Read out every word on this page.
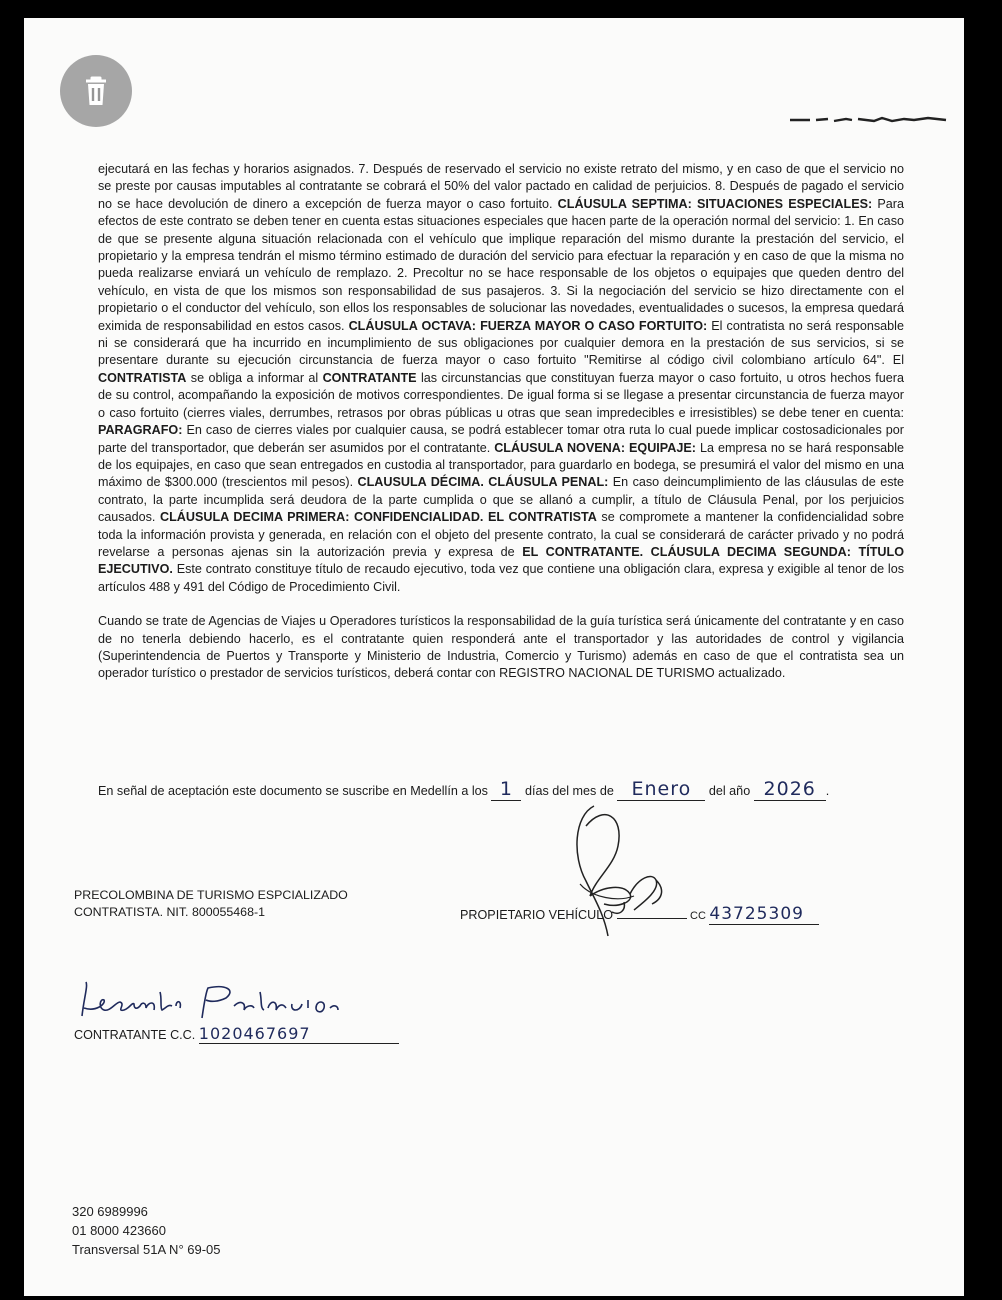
ejecutará en las fechas y horarios asignados. 7. Después de reservado el servicio no existe retrato del mismo, y en caso de que el servicio no se preste por causas imputables al contratante se cobrará el 50% del valor pactado en calidad de perjuicios. 8. Después de pagado el servicio no se hace devolución de dinero a excepción de fuerza mayor o caso fortuito. CLÁUSULA SEPTIMA: SITUACIONES ESPECIALES: Para efectos de este contrato se deben tener en cuenta estas situaciones especiales que hacen parte de la operación normal del servicio: 1. En caso de que se presente alguna situación relacionada con el vehículo que implique reparación del mismo durante la prestación del servicio, el propietario y la empresa tendrán el mismo término estimado de duración del servicio para efectuar la reparación y en caso de que la misma no pueda realizarse enviará un vehículo de remplazo. 2. Precoltur no se hace responsable de los objetos o equipajes que queden dentro del vehículo, en vista de que los mismos son responsabilidad de sus pasajeros. 3. Si la negociación del servicio se hizo directamente con el propietario o el conductor del vehículo, son ellos los responsables de solucionar las novedades, eventualidades o sucesos, la empresa quedará eximida de responsabilidad en estos casos. CLÁUSULA OCTAVA: FUERZA MAYOR O CASO FORTUITO: El contratista no será responsable ni se considerará que ha incurrido en incumplimiento de sus obligaciones por cualquier demora en la prestación de sus servicios, si se presentare durante su ejecución circunstancia de fuerza mayor o caso fortuito "Remitirse al código civil colombiano artículo 64". El CONTRATISTA se obliga a informar al CONTRATANTE las circunstancias que constituyan fuerza mayor o caso fortuito, u otros hechos fuera de su control, acompañando la exposición de motivos correspondientes. De igual forma si se llegase a presentar circunstancia de fuerza mayor o caso fortuito (cierres viales, derrumbes, retrasos por obras públicas u otras que sean impredecibles e irresistibles) se debe tener en cuenta: PARAGRAFO: En caso de cierres viales por cualquier causa, se podrá establecer tomar otra ruta lo cual puede implicar costosadicionales por parte del transportador, que deberán ser asumidos por el contratante. CLÁUSULA NOVENA: EQUIPAJE: La empresa no se hará responsable de los equipajes, en caso que sean entregados en custodia al transportador, para guardarlo en bodega, se presumirá el valor del mismo en una máximo de $300.000 (trescientos mil pesos). CLAUSULA DÉCIMA. CLÁUSULA PENAL: En caso deincumplimiento de las cláusulas de este contrato, la parte incumplida será deudora de la parte cumplida o que se allanó a cumplir, a título de Cláusula Penal, por los perjuicios causados. CLÁUSULA DECIMA PRIMERA: CONFIDENCIALIDAD. EL CONTRATISTA se compromete a mantener la confidencialidad sobre toda la información provista y generada, en relación con el objeto del presente contrato, la cual se considerará de carácter privado y no podrá revelarse a personas ajenas sin la autorización previa y expresa de EL CONTRATANTE. CLÁUSULA DECIMA SEGUNDA: TÍTULO EJECUTIVO. Este contrato constituye título de recaudo ejecutivo, toda vez que contiene una obligación clara, expresa y exigible al tenor de los artículos 488 y 491 del Código de Procedimiento Civil.

Cuando se trate de Agencias de Viajes u Operadores turísticos la responsabilidad de la guía turística será únicamente del contratante y en caso de no tenerla debiendo hacerlo, es el contratante quien responderá ante el transportador y las autoridades de control y vigilancia (Superintendencia de Puertos y Transporte y Ministerio de Industria, Comercio y Turismo) además en caso de que el contratista sea un operador turístico o prestador de servicios turísticos, deberá contar con REGISTRO NACIONAL DE TURISMO actualizado.

En señal de aceptación este documento se suscribe en Medellín a los 1 días del mes de Enero del año 2026 .
PRECOLOMBINA DE TURISMO ESPCIALIZADO
CONTRATISTA. NIT. 800055468-1	PROPIETARIO VEHÍCULO	CC 43725309
CONTRATANTE C.C. 1020467697
320 6989996
01 8000 423660
Transversal 51A N° 69-05
